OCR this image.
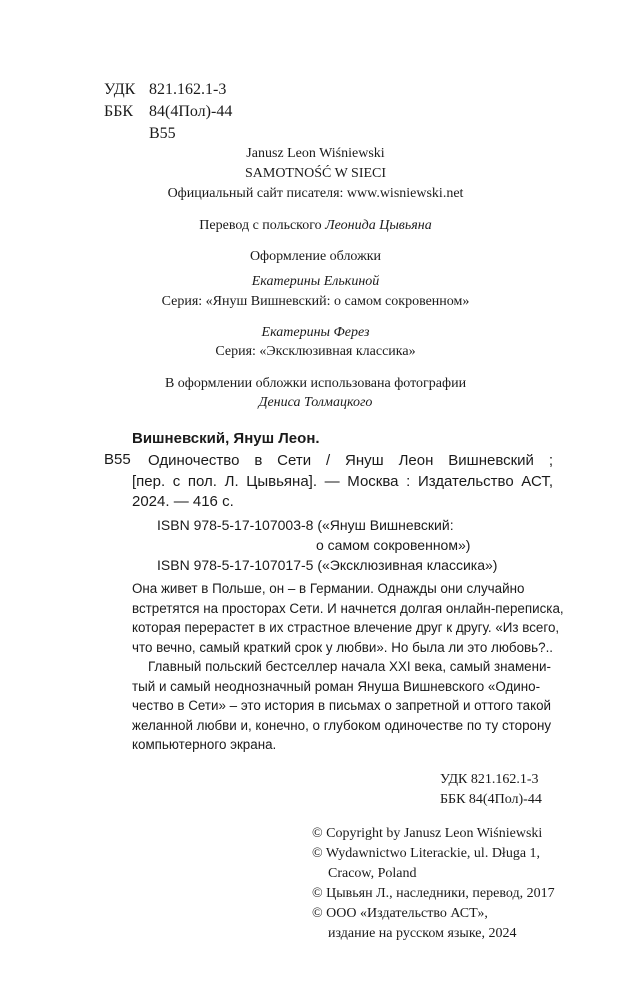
УДК 821.162.1-3
ББК 84(4Пол)-44
В55
Janusz Leon Wiśniewski
SAMOTNOŚĆ W SIECI
Официальный сайт писателя: www.wisniewski.net
Перевод с польского Леонида Цывьяна
Оформление обложки
Екатерины Елькиной
Серия: «Януш Вишневский: о самом сокровенном»
Екатерины Ферез
Серия: «Эксклюзивная классика»
В оформлении обложки использована фотографии
Дениса Толмацкого
Вишневский, Януш Леон.
В55 Одиночество в Сети / Януш Леон Вишневский ;
[пер. с пол. Л. Цывьяна]. — Москва : Издательство АСТ,
2024. — 416 с.
ISBN 978-5-17-107003-8 («Януш Вишневский:
о самом сокровенном»)
ISBN 978-5-17-107017-5 («Эксклюзивная классика»)
Она живет в Польше, он – в Германии. Однажды они случайно
встретятся на просторах Сети. И начнется долгая онлайн-переписка,
которая перерастет в их страстное влечение друг к другу. «Из всего,
что вечно, самый краткий срок у любви». Но была ли это любовь?..
Главный польский бестселлер начала XXI века, самый знамени-
тый и самый неоднозначный роман Януша Вишневского «Одино-
чество в Сети» – это история в письмах о запретной и оттого такой
желанной любви и, конечно, о глубоком одиночестве по ту сторону
компьютерного экрана.
УДК 821.162.1-3
ББК 84(4Пол)-44
© Copyright by Janusz Leon Wiśniewski
© Wydawnictwo Literackie, ul. Długa 1,
Cracow, Poland
© Цывьян Л., наследники, перевод, 2017
© ООО «Издательство АСТ»,
издание на русском языке, 2024
